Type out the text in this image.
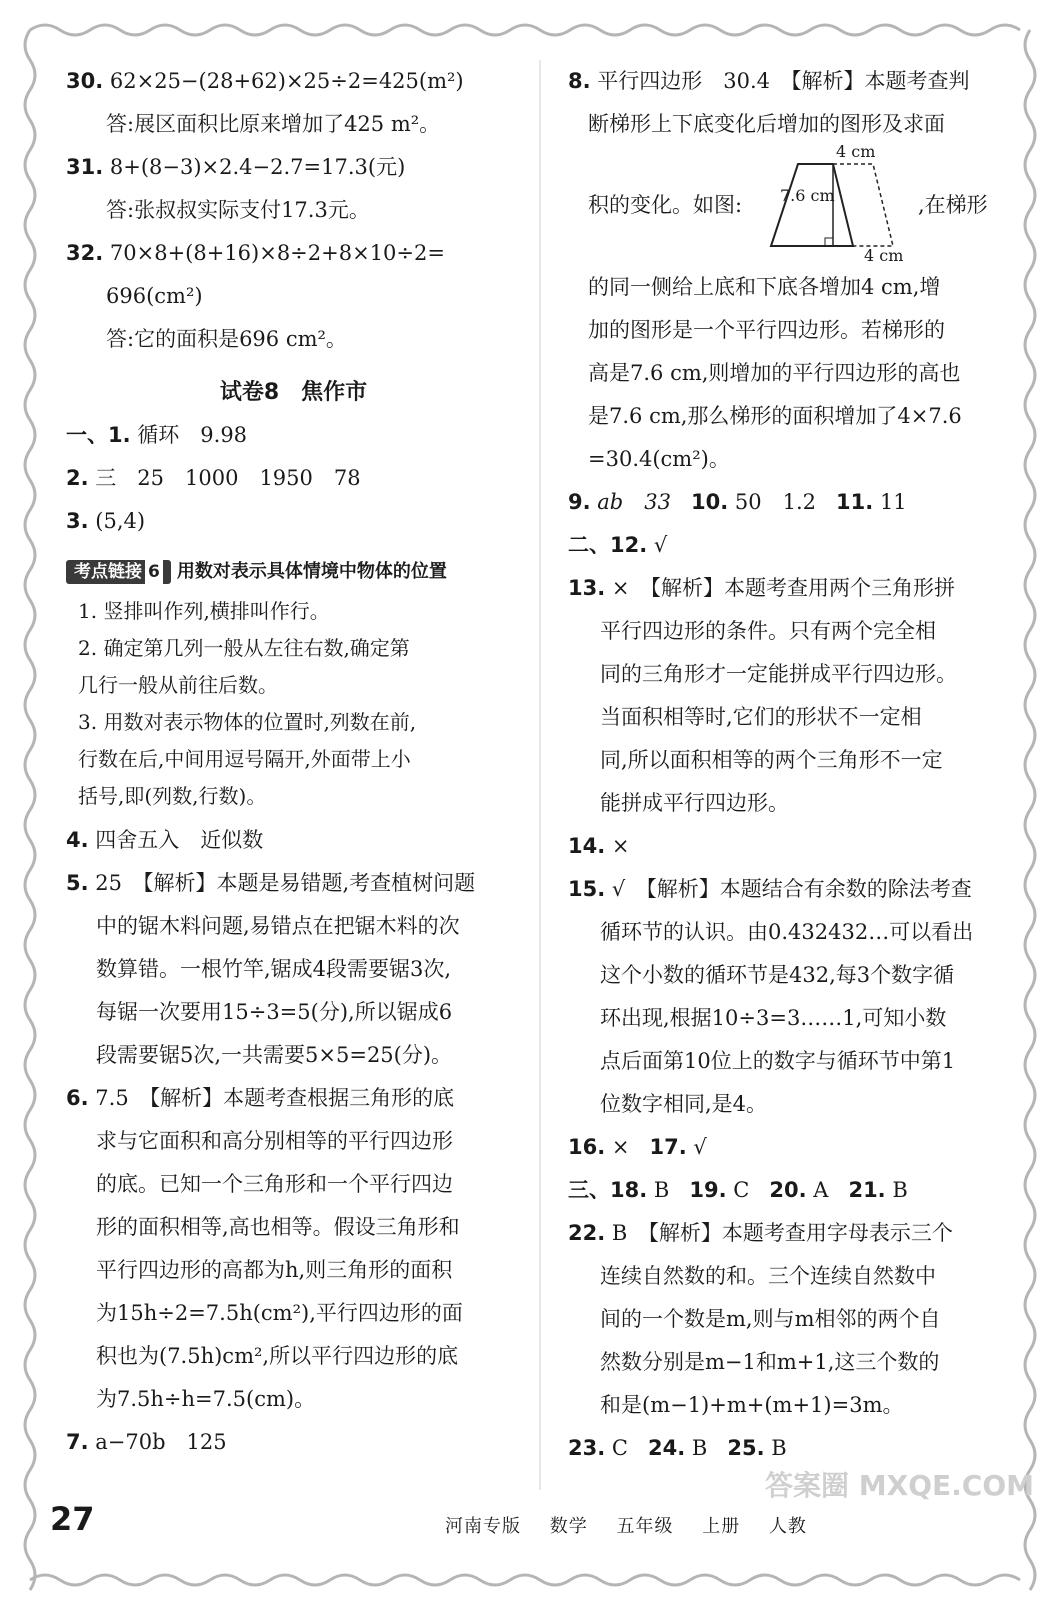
30. 62×25−(28+62)×25÷2=425(m²)
答:展区面积比原来增加了425 m²。
31. 8+(8−3)×2.4−2.7=17.3(元)
答:张叔叔实际支付17.3元。
32. 70×8+(8+16)×8÷2+8×10÷2=
696(cm²)
答:它的面积是696 cm²。
试卷8　焦作市
一、1. 循环　9.98
2. 三　25　1000　1950　78
3. (5,4)
考点链接 6 用数对表示具体情境中物体的位置
1. 竖排叫作列,横排叫作行。
2. 确定第几列一般从左往右数,确定第
几行一般从前往后数。
3. 用数对表示物体的位置时,列数在前,
行数在后,中间用逗号隔开,外面带上小
括号,即(列数,行数)。
4. 四舍五入　近似数
5. 25　【解析】本题是易错题,考查植树问题
中的锯木料问题,易错点在把锯木料的次
数算错。一根竹竿,锯成4段需要锯3次,
每锯一次要用15÷3=5(分),所以锯成6
段需要锯5次,一共需要5×5=25(分)。
6. 7.5　【解析】本题考查根据三角形的底
求与它面积和高分别相等的平行四边形
的底。已知一个三角形和一个平行四边
形的面积相等,高也相等。假设三角形和
平行四边形的高都为h,则三角形的面积
为15h÷2=7.5h(cm²),平行四边形的面
积也为(7.5h)cm²,所以平行四边形的底
为7.5h÷h=7.5(cm)。
7. a−70b　125
8. 平行四边形　30.4　【解析】本题考查判
断梯形上下底变化后增加的图形及求面
积的变化。如图:
4 cm
7.6 cm
4 cm
,在梯形
的同一侧给上底和下底各增加4 cm,增
加的图形是一个平行四边形。若梯形的
高是7.6 cm,则增加的平行四边形的高也
是7.6 cm,那么梯形的面积增加了4×7.6
=30.4(cm²)。
9. ab　33 10. 50　1.2 11. 11
二、12. √
13. ×　【解析】本题考查用两个三角形拼
平行四边形的条件。只有两个完全相
同的三角形才一定能拼成平行四边形。
当面积相等时,它们的形状不一定相
同,所以面积相等的两个三角形不一定
能拼成平行四边形。
14. ×
15. √　【解析】本题结合有余数的除法考查
循环节的认识。由0.432432…可以看出
这个小数的循环节是432,每3个数字循
环出现,根据10÷3=3……1,可知小数
点后面第10位上的数字与循环节中第1
位数字相同,是4。
16. × 17. √
三、18. B 19. C 20. A 21. B
22. B　【解析】本题考查用字母表示三个
连续自然数的和。三个连续自然数中
间的一个数是m,则与m相邻的两个自
然数分别是m−1和m+1,这三个数的
和是(m−1)+m+(m+1)=3m。
23. C 24. B 25. B
27	河南专版 数学 五年级 上册 人教
答案圈 MXQE.COM
